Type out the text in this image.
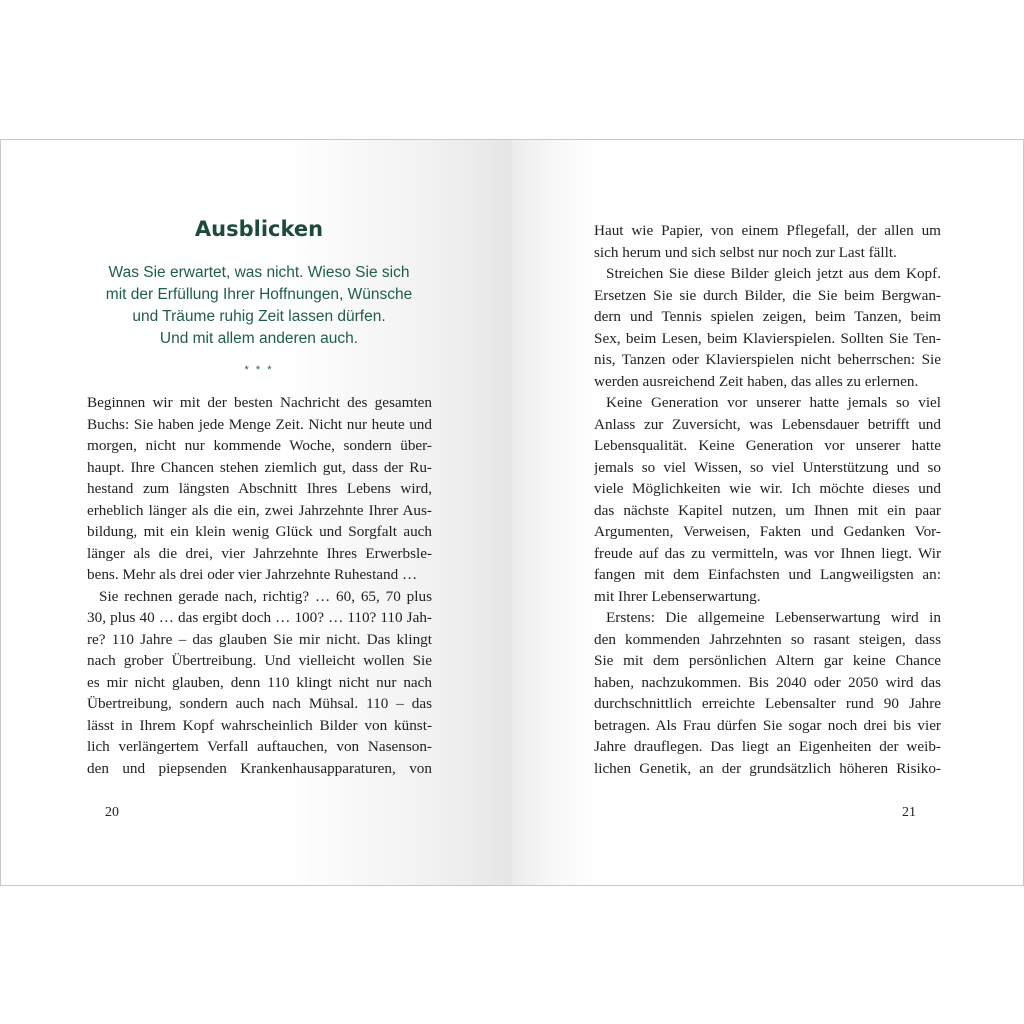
Ausblicken
Was Sie erwartet, was nicht. Wieso Sie sich
mit der Erfüllung Ihrer Hoffnungen, Wünsche
und Träume ruhig Zeit lassen dürfen.
Und mit allem anderen auch.
* * *
Beginnen wir mit der besten Nachricht des gesamten
Buchs: Sie haben jede Menge Zeit. Nicht nur heute und
morgen, nicht nur kommende Woche, sondern über-
haupt. Ihre Chancen stehen ziemlich gut, dass der Ru-
hestand zum längsten Abschnitt Ihres Lebens wird,
erheblich länger als die ein, zwei Jahrzehnte Ihrer Aus-
bildung, mit ein klein wenig Glück und Sorgfalt auch
länger als die drei, vier Jahrzehnte Ihres Erwerbsle-
bens. Mehr als drei oder vier Jahrzehnte Ruhestand …
Sie rechnen gerade nach, richtig? … 60, 65, 70 plus
30, plus 40 … das ergibt doch … 100? … 110? 110 Jah-
re? 110 Jahre – das glauben Sie mir nicht. Das klingt
nach grober Übertreibung. Und vielleicht wollen Sie
es mir nicht glauben, denn 110 klingt nicht nur nach
Übertreibung, sondern auch nach Mühsal. 110 – das
lässt in Ihrem Kopf wahrscheinlich Bilder von künst-
lich verlängertem Verfall auftauchen, von Nasenson-
den und piepsenden Krankenhausapparaturen, von
20
Haut wie Papier, von einem Pflegefall, der allen um
sich herum und sich selbst nur noch zur Last fällt.
Streichen Sie diese Bilder gleich jetzt aus dem Kopf.
Ersetzen Sie sie durch Bilder, die Sie beim Bergwan-
dern und Tennis spielen zeigen, beim Tanzen, beim
Sex, beim Lesen, beim Klavierspielen. Sollten Sie Ten-
nis, Tanzen oder Klavierspielen nicht beherrschen: Sie
werden ausreichend Zeit haben, das alles zu erlernen.
Keine Generation vor unserer hatte jemals so viel
Anlass zur Zuversicht, was Lebensdauer betrifft und
Lebensqualität. Keine Generation vor unserer hatte
jemals so viel Wissen, so viel Unterstützung und so
viele Möglichkeiten wie wir. Ich möchte dieses und
das nächste Kapitel nutzen, um Ihnen mit ein paar
Argumenten, Verweisen, Fakten und Gedanken Vor-
freude auf das zu vermitteln, was vor Ihnen liegt. Wir
fangen mit dem Einfachsten und Langweiligsten an:
mit Ihrer Lebenserwartung.
Erstens: Die allgemeine Lebenserwartung wird in
den kommenden Jahrzehnten so rasant steigen, dass
Sie mit dem persönlichen Altern gar keine Chance
haben, nachzukommen. Bis 2040 oder 2050 wird das
durchschnittlich erreichte Lebensalter rund 90 Jahre
betragen. Als Frau dürfen Sie sogar noch drei bis vier
Jahre drauflegen. Das liegt an Eigenheiten der weib-
lichen Genetik, an der grundsätzlich höheren Risiko-
21
